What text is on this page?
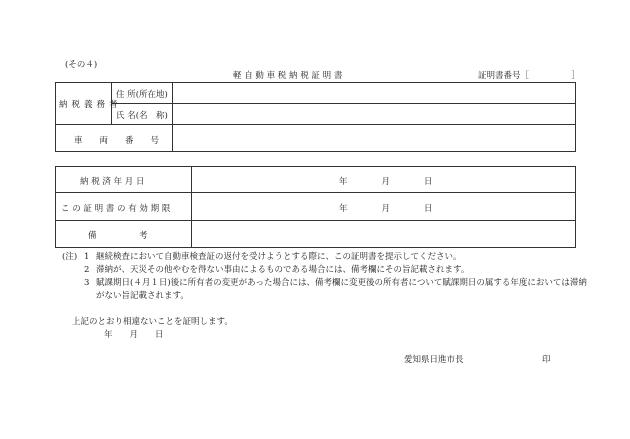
(その４)
軽 自 動 車 税 納 税 証 明 書	証明書番号［　　　　　］
納税義務者
住 所(所在地)
氏 名(名　称)
車　　両　　番　　号
納 税 済 年 月 日	年　　　　月　　　　日
こ の 証 明 書 の 有 効 期 限	年　　　　月　　　　日
備　　　　　考
(注) 1 継続検査において自動車検査証の返付を受けようとする際に、この証明書を提示してください。
2 滞納が、天災その他やむを得ない事由によるものである場合には、備考欄にその旨記載されます。
3 賦課期日(４月１日)後に所有者の変更があった場合には、備考欄に変更後の所有者について賦課期日の属する年度においては滞納
がない旨記載されます。
上記のとおり相違ないことを証明します。
年　　月　　日
愛知県日進市長	印
